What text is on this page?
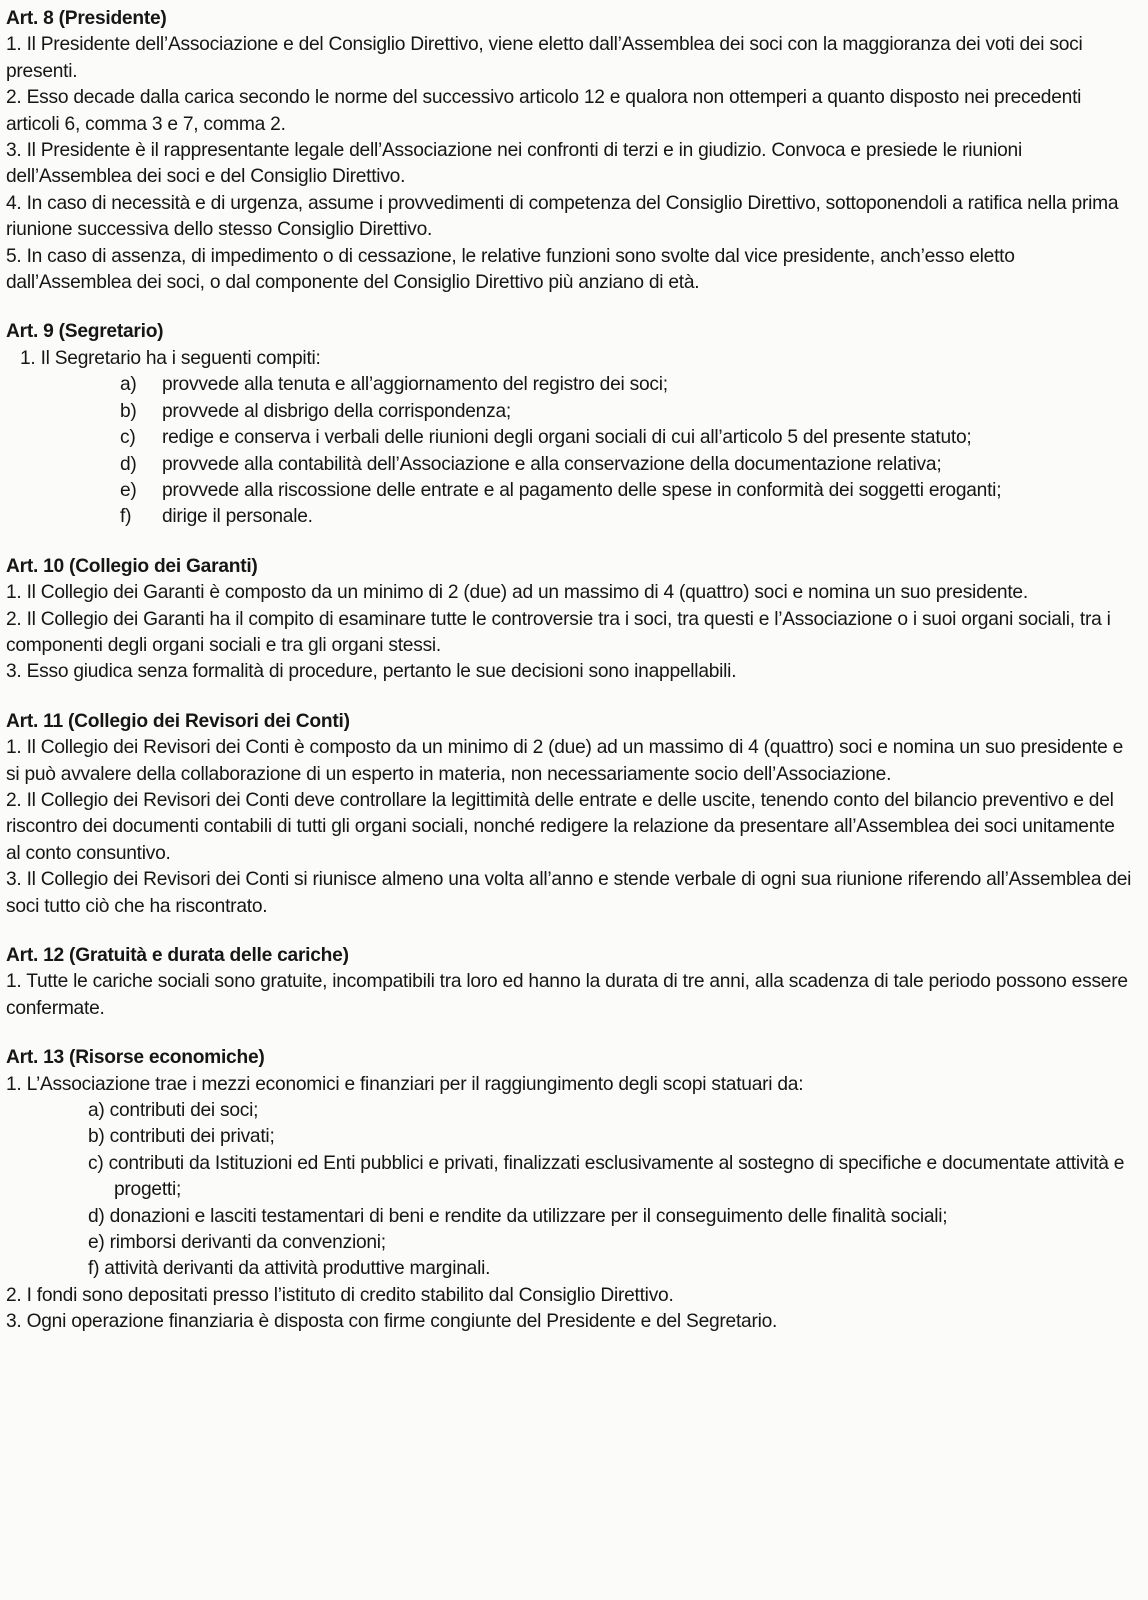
Art. 8 (Presidente)

1. Il Presidente dell’Associazione e del Consiglio Direttivo, viene eletto dall’Assemblea dei soci con la maggioranza dei voti dei soci presenti.

2. Esso decade dalla carica secondo le norme del successivo articolo 12 e qualora non ottemperi a quanto disposto nei precedenti articoli 6, comma 3 e 7, comma 2.

3. Il Presidente è il rappresentante legale dell’Associazione nei confronti di terzi e in giudizio. Convoca e presiede le riunioni dell’Assemblea dei soci e del Consiglio Direttivo.

4. In caso di necessità e di urgenza, assume i provvedimenti di competenza del Consiglio Direttivo, sottoponendoli a ratifica nella prima riunione successiva dello stesso Consiglio Direttivo.

5. In caso di assenza, di impedimento o di cessazione, le relative funzioni sono svolte dal vice presidente, anch’esso eletto dall’Assemblea dei soci, o dal componente del Consiglio Direttivo più anziano di età.

Art. 9 (Segretario)

1. Il Segretario ha i seguenti compiti:

a) provvede alla tenuta e all’aggiornamento del registro dei soci;
b) provvede al disbrigo della corrispondenza;
c) redige e conserva i verbali delle riunioni degli organi sociali di cui all’articolo 5 del presente statuto;
d) provvede alla contabilità dell’Associazione e alla conservazione della documentazione relativa;
e) provvede alla riscossione delle entrate e al pagamento delle spese in conformità dei soggetti eroganti;
f) dirige il personale.
Art. 10 (Collegio dei Garanti)

1. Il Collegio dei Garanti è composto da un minimo di 2 (due) ad un massimo di 4 (quattro) soci e nomina un suo presidente.

2. Il Collegio dei Garanti ha il compito di esaminare tutte le controversie tra i soci, tra questi e l’Associazione o i suoi organi sociali, tra i componenti degli organi sociali e tra gli organi stessi.

3. Esso giudica senza formalità di procedure, pertanto le sue decisioni sono inappellabili.

Art. 11 (Collegio dei Revisori dei Conti)

1. Il Collegio dei Revisori dei Conti è composto da un minimo di 2 (due) ad un massimo di 4 (quattro) soci e nomina un suo presidente e si può avvalere della collaborazione di un esperto in materia, non necessariamente socio dell’Associazione.

2. Il Collegio dei Revisori dei Conti deve controllare la legittimità delle entrate e delle uscite, tenendo conto del bilancio preventivo e del riscontro dei documenti contabili di tutti gli organi sociali, nonché redigere la relazione da presentare all’Assemblea dei soci unitamente al conto consuntivo.

3. Il Collegio dei Revisori dei Conti si riunisce almeno una volta all’anno e stende verbale di ogni sua riunione riferendo all’Assemblea dei soci tutto ciò che ha riscontrato.

Art. 12 (Gratuità e durata delle cariche)

1. Tutte le cariche sociali sono gratuite, incompatibili tra loro ed hanno la durata di tre anni, alla scadenza di tale periodo possono essere confermate.

Art. 13 (Risorse economiche)

1. L’Associazione trae i mezzi economici e finanziari per il raggiungimento degli scopi statuari da:

a) contributi dei soci;
b) contributi dei privati;
c) contributi da Istituzioni ed Enti pubblici e privati, finalizzati esclusivamente al sostegno di specifiche e documentate attività e progetti;
d) donazioni e lasciti testamentari di beni e rendite da utilizzare per il conseguimento delle finalità sociali;
e) rimborsi derivanti da convenzioni;
f) attività derivanti da attività produttive marginali.

2. I fondi sono depositati presso l’istituto di credito stabilito dal Consiglio Direttivo.

3. Ogni operazione finanziaria è disposta con firme congiunte del Presidente e del Segretario.
